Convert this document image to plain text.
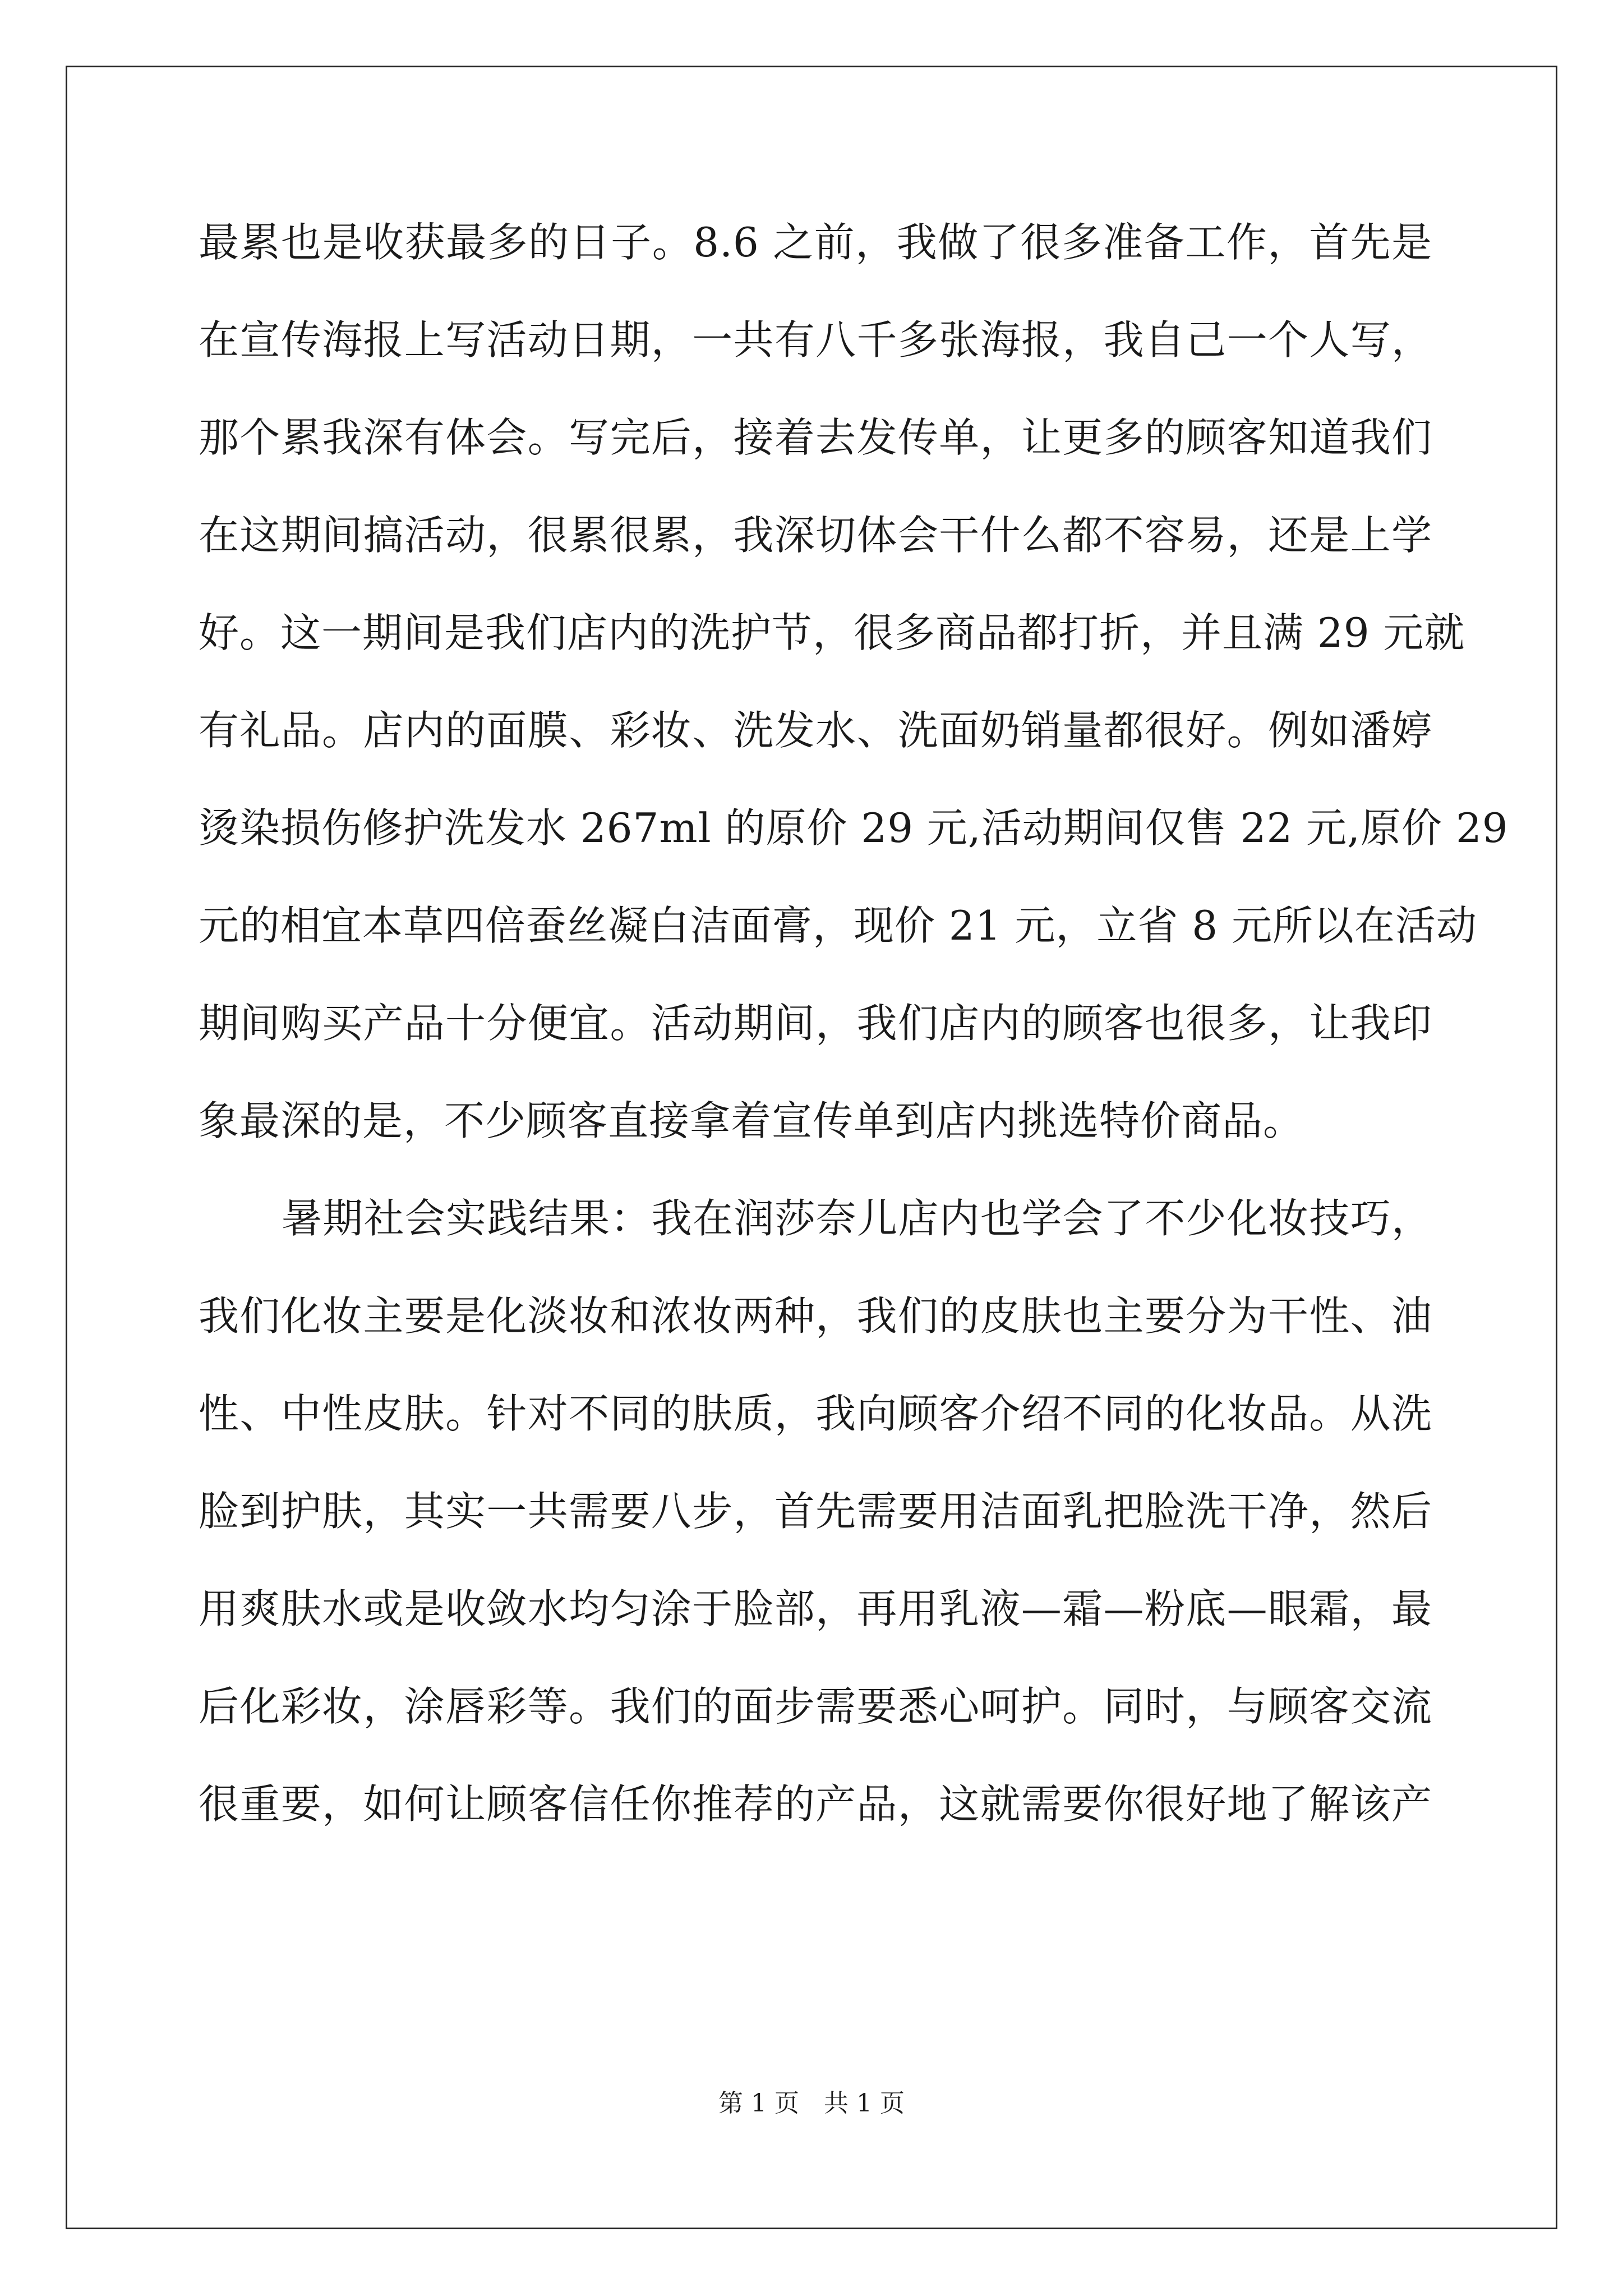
最累也是收获最多的日子。8.6 之前，我做了很多准备工作，首先是
在宣传海报上写活动日期，一共有八千多张海报，我自己一个人写，
那个累我深有体会。写完后，接着去发传单，让更多的顾客知道我们
在这期间搞活动，很累很累，我深切体会干什么都不容易，还是上学
好。这一期间是我们店内的洗护节，很多商品都打折，并且满 29 元就
有礼品。店内的面膜、彩妆、洗发水、洗面奶销量都很好。例如潘婷
烫染损伤修护洗发水 267ml 的原价 29 元,活动期间仅售 22 元,原价 29
元的相宜本草四倍蚕丝凝白洁面膏，现价 21 元，立省 8 元所以在活动
期间购买产品十分便宜。活动期间，我们店内的顾客也很多，让我印
象最深的是，不少顾客直接拿着宣传单到店内挑选特价商品。
暑期社会实践结果：我在润莎奈儿店内也学会了不少化妆技巧，
我们化妆主要是化淡妆和浓妆两种，我们的皮肤也主要分为干性、油
性、中性皮肤。针对不同的肤质，我向顾客介绍不同的化妆品。从洗
脸到护肤，其实一共需要八步，首先需要用洁面乳把脸洗干净，然后
用爽肤水或是收敛水均匀涂于脸部，再用乳液—霜—粉底—眼霜，最
后化彩妆，涂唇彩等。我们的面步需要悉心呵护。同时，与顾客交流
很重要，如何让顾客信任你推荐的产品，这就需要你很好地了解该产
第 1 页 共 1 页
